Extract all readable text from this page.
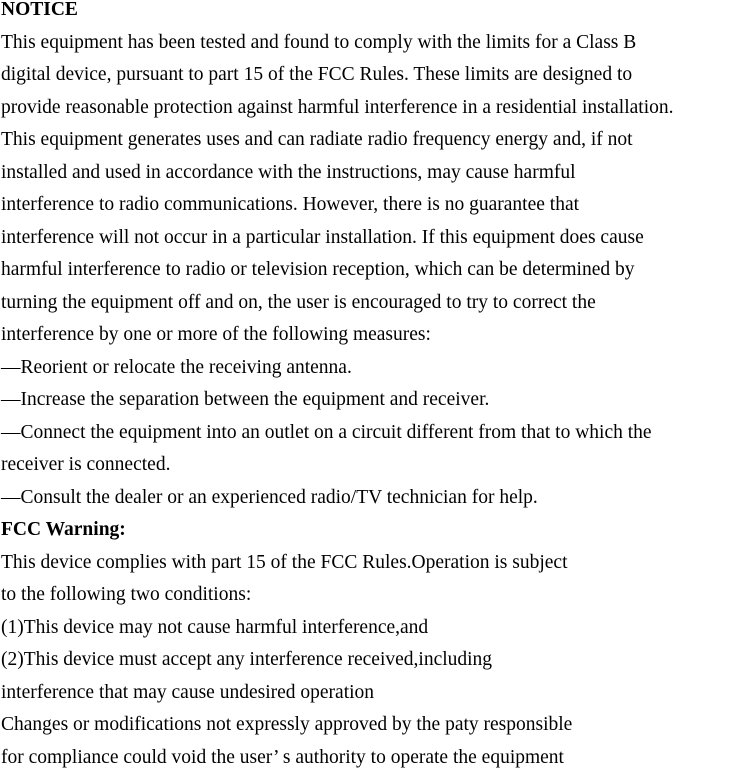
NOTICE
This equipment has been tested and found to comply with the limits for a Class B
digital device, pursuant to part 15 of the FCC Rules. These limits are designed to
provide reasonable protection against harmful interference in a residential installation.
This equipment generates uses and can radiate radio frequency energy and, if not
installed and used in accordance with the instructions, may cause harmful
interference to radio communications. However, there is no guarantee that
interference will not occur in a particular installation. If this equipment does cause
harmful interference to radio or television reception, which can be determined by
turning the equipment off and on, the user is encouraged to try to correct the
interference by one or more of the following measures:
—Reorient or relocate the receiving antenna.
—Increase the separation between the equipment and receiver.
—Connect the equipment into an outlet on a circuit different from that to which the
receiver is connected.
—Consult the dealer or an experienced radio/TV technician for help.
FCC Warning:
This device complies with part 15 of the FCC Rules.Operation is subject
to the following two conditions:
(1)This device may not cause harmful interference,and
(2)This device must accept any interference received,including
interference that may cause undesired operation
Changes or modifications not expressly approved by the paty responsible
for compliance could void the user’ s authority to operate the equipment
